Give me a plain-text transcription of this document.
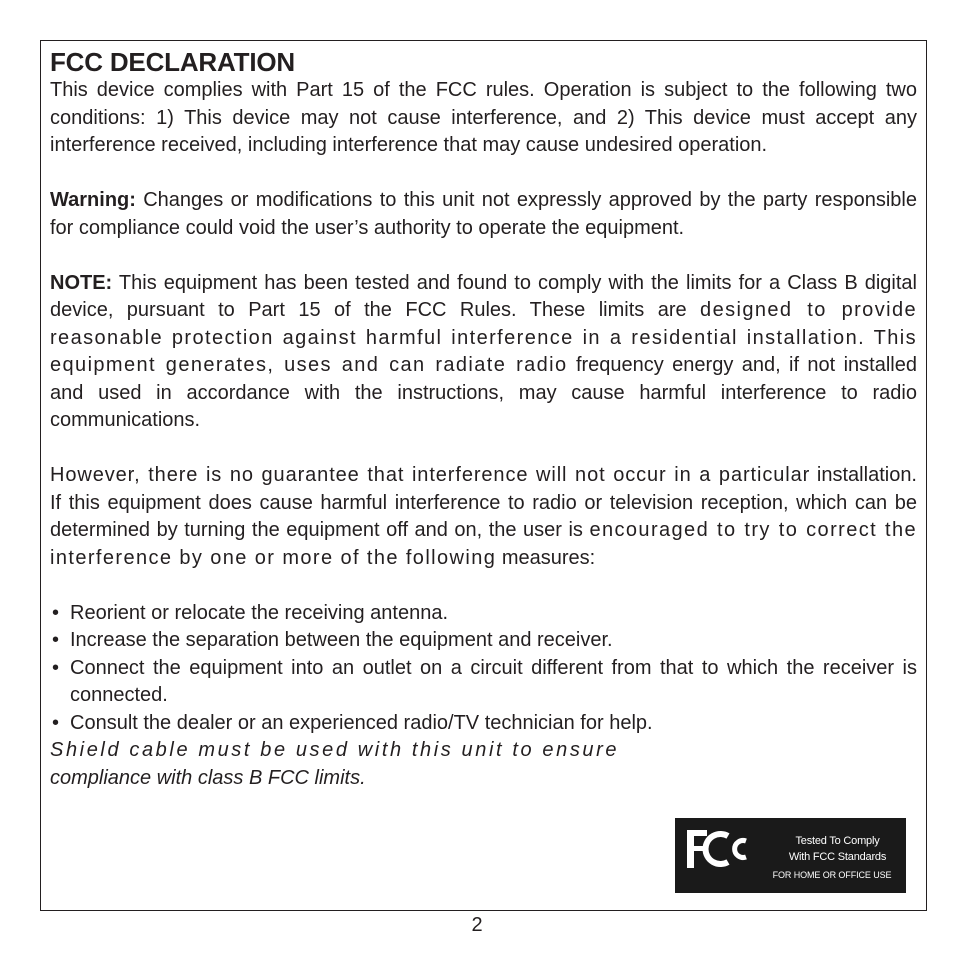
FCC DECLARATION

This device complies with Part 15 of the FCC rules. Operation is subject to the following two conditions: 1) This device may not cause interference, and 2) This device must accept any interference received, including interference that may cause undesired operation.

Warning: Changes or modifications to this unit not expressly approved by the party responsible for compliance could void the user’s authority to operate the equipment.

NOTE: This equipment has been tested and found to comply with the limits for a Class B digital device, pursuant to Part 15 of the FCC Rules. These limits are designed to provide reasonable protection against harmful interference in a residential installation. This equipment generates, uses and can radiate radio frequency energy and, if not installed and used in accordance with the instructions, may cause harmful interference to radio communications.

However, there is no guarantee that interference will not occur in a particular installation. If this equipment does cause harmful interference to radio or television reception, which can be determined by turning the equipment off and on, the user is encouraged to try to correct the interference by one or more of the following measures:

• Reorient or relocate the receiving antenna.
• Increase the separation between the equipment and receiver.
• Connect the equipment into an outlet on a circuit different from that to which the receiver is connected.
• Consult the dealer or an experienced radio/TV technician for help.
Shield cable must be used with this unit to ensure
compliance with class B FCC limits.
Tested To Comply
With FCC Standards
FOR HOME OR OFFICE USE
2
